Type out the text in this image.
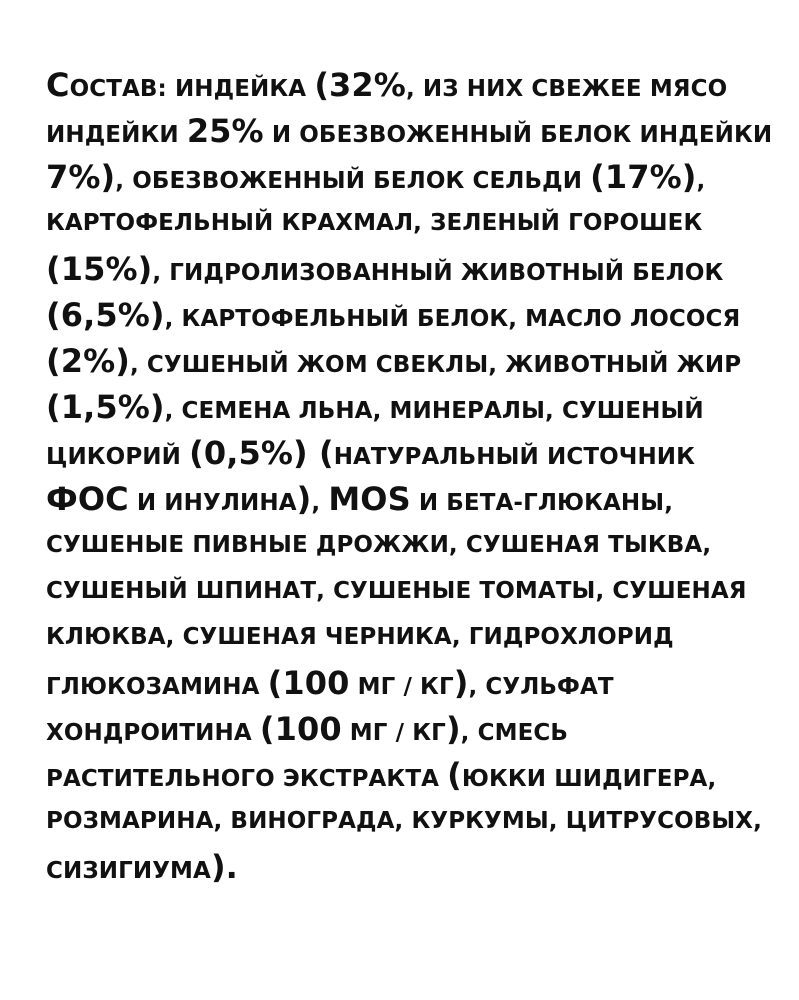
СОСТАВ: ИНДЕЙКА (32%, ИЗ НИХ СВЕЖЕЕ МЯСО
ИНДЕЙКИ 25% И ОБЕЗВОЖЕННЫЙ БЕЛОК ИНДЕЙКИ
7%), ОБЕЗВОЖЕННЫЙ БЕЛОК СЕЛЬДИ (17%),
КАРТОФЕЛЬНЫЙ КРАХМАЛ, ЗЕЛЕНЫЙ ГОРОШЕК
(15%), ГИДРОЛИЗОВАННЫЙ ЖИВОТНЫЙ БЕЛОК
(6,5%), КАРТОФЕЛЬНЫЙ БЕЛОК, МАСЛО ЛОСОСЯ
(2%), СУШЕНЫЙ ЖОМ СВЕКЛЫ, ЖИВОТНЫЙ ЖИР
(1,5%), СЕМЕНА ЛЬНА, МИНЕРАЛЫ, СУШЕНЫЙ
ЦИКОРИЙ (0,5%) (НАТУРАЛЬНЫЙ ИСТОЧНИК
ФОС И ИНУЛИНА), MOS И БЕТА-ГЛЮКАНЫ,
СУШЕНЫЕ ПИВНЫЕ ДРОЖЖИ, СУШЕНАЯ ТЫКВА,
СУШЕНЫЙ ШПИНАТ, СУШЕНЫЕ ТОМАТЫ, СУШЕНАЯ
КЛЮКВА, СУШЕНАЯ ЧЕРНИКА, ГИДРОХЛОРИД
ГЛЮКОЗАМИНА (100 МГ / КГ), СУЛЬФАТ
ХОНДРОИТИНА (100 МГ / КГ), СМЕСЬ
РАСТИТЕЛЬНОГО ЭКСТРАКТА (ЮККИ ШИДИГЕРА,
РОЗМАРИНА, ВИНОГРАДА, КУРКУМЫ, ЦИТРУСОВЫХ,
СИЗИГИУМА).
